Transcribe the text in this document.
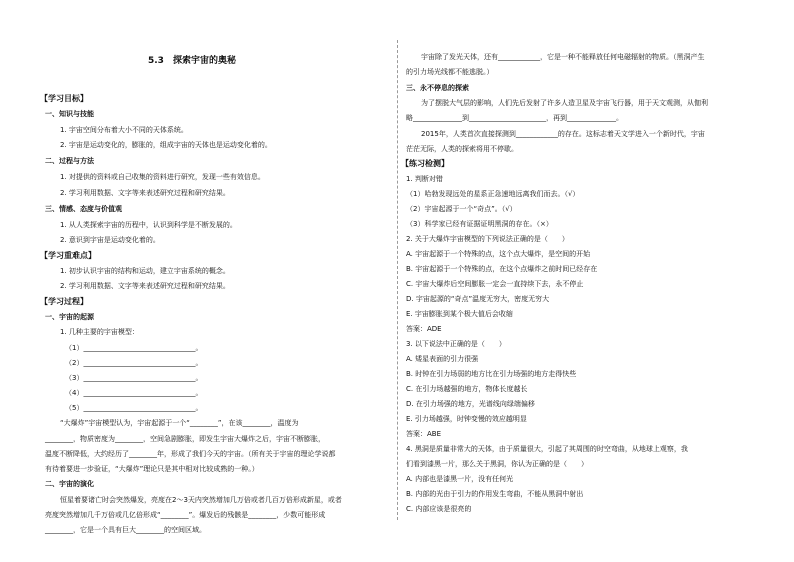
5.3　探索宇宙的奥秘
【学习目标】
一、知识与技能
1. 宇宙空间分布着大小不同的天体系统。
2. 宇宙是运动变化的，膨胀的，组成宇宙的天体也是运动变化着的。
二、过程与方法
1. 对提供的资料或自己收集的资料进行研究，发现一些有效信息。
2. 学习利用数据、文字等来表述研究过程和研究结果。
三、情感、态度与价值观
1. 从人类探索宇宙的历程中，认识到科学是不断发展的。
2. 意识到宇宙是运动变化着的。
【学习重难点】
1. 初步认识宇宙的结构和运动，建立宇宙系统的概念。
2. 学习利用数据、文字等来表述研究过程和研究结果。
【学习过程】
一、宇宙的起源
1. 几种主要的宇宙模型：
（1）________________________________。
（2）________________________________。
（3）________________________________。
（4）________________________________。
（5）________________________________。
“大爆炸”宇宙模型认为，宇宙起源于一个“________”，在该________，温度为
________，物质密度为________，空间急剧膨胀，即发生宇宙大爆炸之后，宇宙不断膨胀，
温度不断降低，大约经历了________年，形成了我们今天的宇宙。（所有关于宇宙的理论学说都
有待着要进一步验证，“大爆炸”理论只是其中相对比较成熟的一种。）
二、宇宙的演化
恒星着要诸亡时会突然爆发，亮度在2～3天内突然增加几万倍或者几百万倍形成新星，或者
亮度突然增加几千万倍或几亿倍形成“________”。爆发后的残骸是________，少数可能形成
________，它是一个具有巨大________的空间区域。
宇宙除了发光天体，还有____________，它是一种不能释放任何电磁辐射的物质。（黑洞产生
的引力场光线都不能逃脱。）
三、永不停息的探索
为了摆脱大气层的影响，人们先后发射了许多人造卫星及宇宙飞行器，用于天文观测，从伽利
略______________到______________________，再到______________。
2015年，人类首次直接探测到____________的存在。这标志着天文学进入一个新时代，宇宙
茫茫无际，人类的探索将用不停歇。
【练习检测】
1. 判断对错
（1）哈勃发现远处的星系正急速地远离我们而去。（√）
（2）宇宙起源于一个“奇点”。（√）
（3）科学家已经有证据证明黑洞的存在。（×）
2. 关于大爆炸宇宙模型的下列说法正确的是（　　）
A. 宇宙起源于一个特殊的点，这个点大爆炸，是空间的开始
B. 宇宙起源于一个特殊的点，在这个点爆炸之前时间已经存在
C. 宇宙大爆炸后空间膨胀一定会一直持续下去，永不停止
D. 宇宙起源的“奇点”温度无穷大，密度无穷大
E. 宇宙膨胀到某个极大值后会收缩
答案：ADE
3. 以下说法中正确的是（　　）
A. 矮星表面的引力很强
B. 时钟在引力场弱的地方比在引力场强的地方走得快些
C. 在引力场越强的地方，物体长度越长
D. 在引力场强的地方，光谱线向绿端偏移
E. 引力场越强，时钟变慢的效应越明显
答案：ABE
4. 黑洞是质量非常大的天体，由于质量很大，引起了其周围的时空弯曲，从地球上观察，我
们看到漆黑一片，那么关于黑洞，你认为正确的是（　　）
A. 内部也是漆黑一片，没有任何光
B. 内部的光由于引力的作用发生弯曲，不能从黑洞中射出
C. 内部应该是很亮的
